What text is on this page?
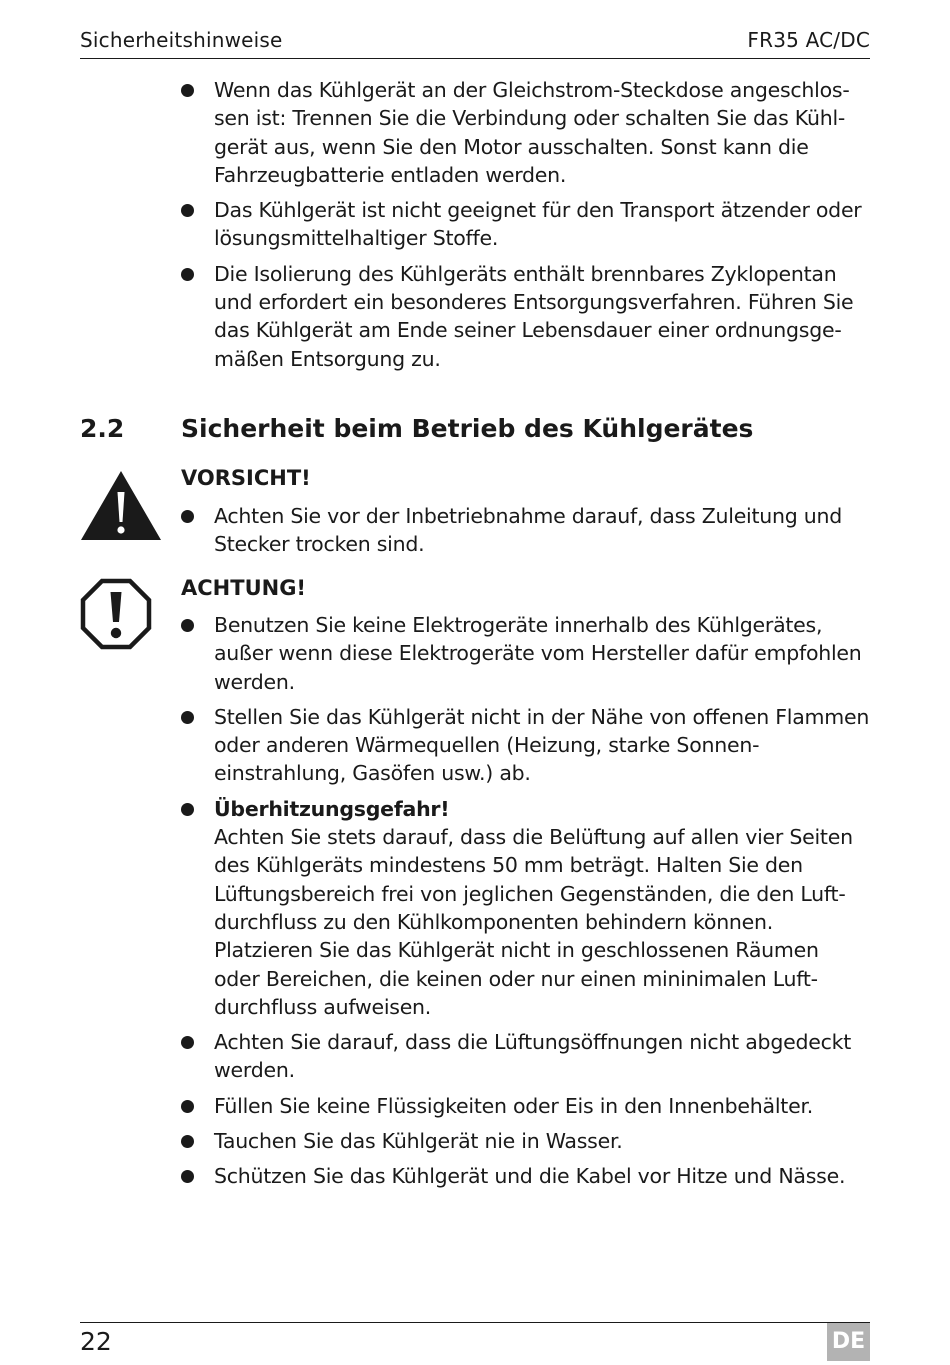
Sicherheitshinweise	FR35 AC/DC
Wenn das Kühlgerät an der Gleichstrom-Steckdose angeschlos-
sen ist: Trennen Sie die Verbindung oder schalten Sie das Kühl-
gerät aus, wenn Sie den Motor ausschalten. Sonst kann die
Fahrzeugbatterie entladen werden.
Das Kühlgerät ist nicht geeignet für den Transport ätzender oder
lösungsmittelhaltiger Stoffe.
Die Isolierung des Kühlgeräts enthält brennbares Zyklopentan
und erfordert ein besonderes Entsorgungsverfahren. Führen Sie
das Kühlgerät am Ende seiner Lebensdauer einer ordnungsge-
mäßen Entsorgung zu.
2.2 Sicherheit beim Betrieb des Kühlgerätes
VORSICHT!
Achten Sie vor der Inbetriebnahme darauf, dass Zuleitung und
Stecker trocken sind.
ACHTUNG!
Benutzen Sie keine Elektrogeräte innerhalb des Kühlgerätes,
außer wenn diese Elektrogeräte vom Hersteller dafür empfohlen
werden.
Stellen Sie das Kühlgerät nicht in der Nähe von offenen Flammen
oder anderen Wärmequellen (Heizung, starke Sonnen-
einstrahlung, Gasöfen usw.) ab.
Überhitzungsgefahr!
Achten Sie stets darauf, dass die Belüftung auf allen vier Seiten
des Kühlgeräts mindestens 50 mm beträgt. Halten Sie den
Lüftungsbereich frei von jeglichen Gegenständen, die den Luft-
durchfluss zu den Kühlkomponenten behindern können.
Platzieren Sie das Kühlgerät nicht in geschlossenen Räumen
oder Bereichen, die keinen oder nur einen mininimalen Luft-
durchfluss aufweisen.
Achten Sie darauf, dass die Lüftungsöffnungen nicht abgedeckt
werden.
Füllen Sie keine Flüssigkeiten oder Eis in den Innenbehälter.
Tauchen Sie das Kühlgerät nie in Wasser.
Schützen Sie das Kühlgerät und die Kabel vor Hitze und Nässe.
22	DE
